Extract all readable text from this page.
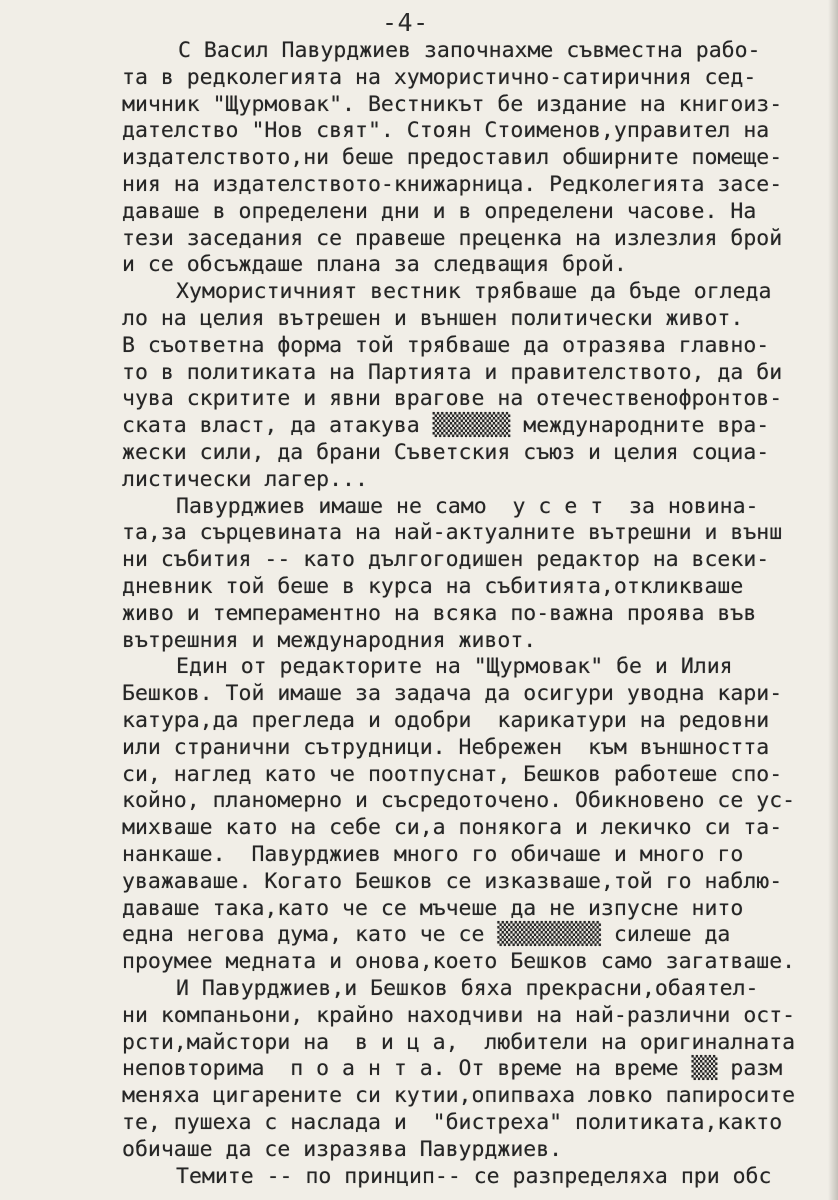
-4-
С Васил Павурджиев започнахме съвместна рабо-
та в редколегията на хумористично-сатиричния сед-
мичник "Щурмовак". Вестникът бе издание на книгоиз-
дателство "Нов свят". Стоян Стоименов,управител на
издателството,ни беше предоставил обширните помеще-
ния на издателството-книжарница. Редколегията засе-
даваше в определени дни и в определени часове. На
тези заседания се правеше преценка на излезлия брой
и се обсъждаше плана за следващия брой.
Хумористичният вестник трябваше да бъде огледа
ло на целия вътрешен и външен политически живот.
В съответна форма той трябваше да отразява главно-
то в политиката на Партията и правителството, да би
чува скритите и явни врагове на отечественофронтов-
ската власт, да атакува ▒▒▒▒▒▒ международните вра-
жески сили, да брани Съветския съюз и целия социа-
листически лагер...
Павурджиев имаше не само  у с е т  за новина-
та,за сърцевината на най-актуалните вътрешни и външ
ни събития -- като дългогодишен редактор на всеки-
дневник той беше в курса на събитията,откликваше
живо и темпераментно на всяка по-важна проява във
вътрешния и международния живот.
Един от редакторите на "Щурмовак" бе и Илия
Бешков. Той имаше за задача да осигури уводна кари-
катура,да прегледа и одобри  карикатури на редовни
или странични сътрудници. Небрежен  към външността
си, наглед като че поотпуснат, Бешков работеше спо-
койно, планомерно и съсредоточено. Обикновено се ус-
михваше като на себе си,а понякога и лекичко си та-
нанкаше.  Павурджиев много го обичаше и много го
уважаваше. Когато Бешков се изказваше,той го наблю-
даваше така,като че се мъчеше да не изпусне нито
една негова дума, като че се ▒▒▒▒▒▒▒▒ силеше да
проумее медната и онова,което Бешков само загатваше.
И Павурджиев,и Бешков бяха прекрасни,обаятел-
ни компаньони, крайно находчиви на най-различни ост-
рсти,майстори на  в и ц а,  любители на оригиналната
неповторима  п о а н т а. От време на време ▒▒ разм
меняха цигарените си кутии,опипваха ловко папиросите
те, пушеха с наслада и  "бистреха" политиката,както
обичаше да се изразява Павурджиев.
Темите -- по принцип-- се разпределяха при обс
